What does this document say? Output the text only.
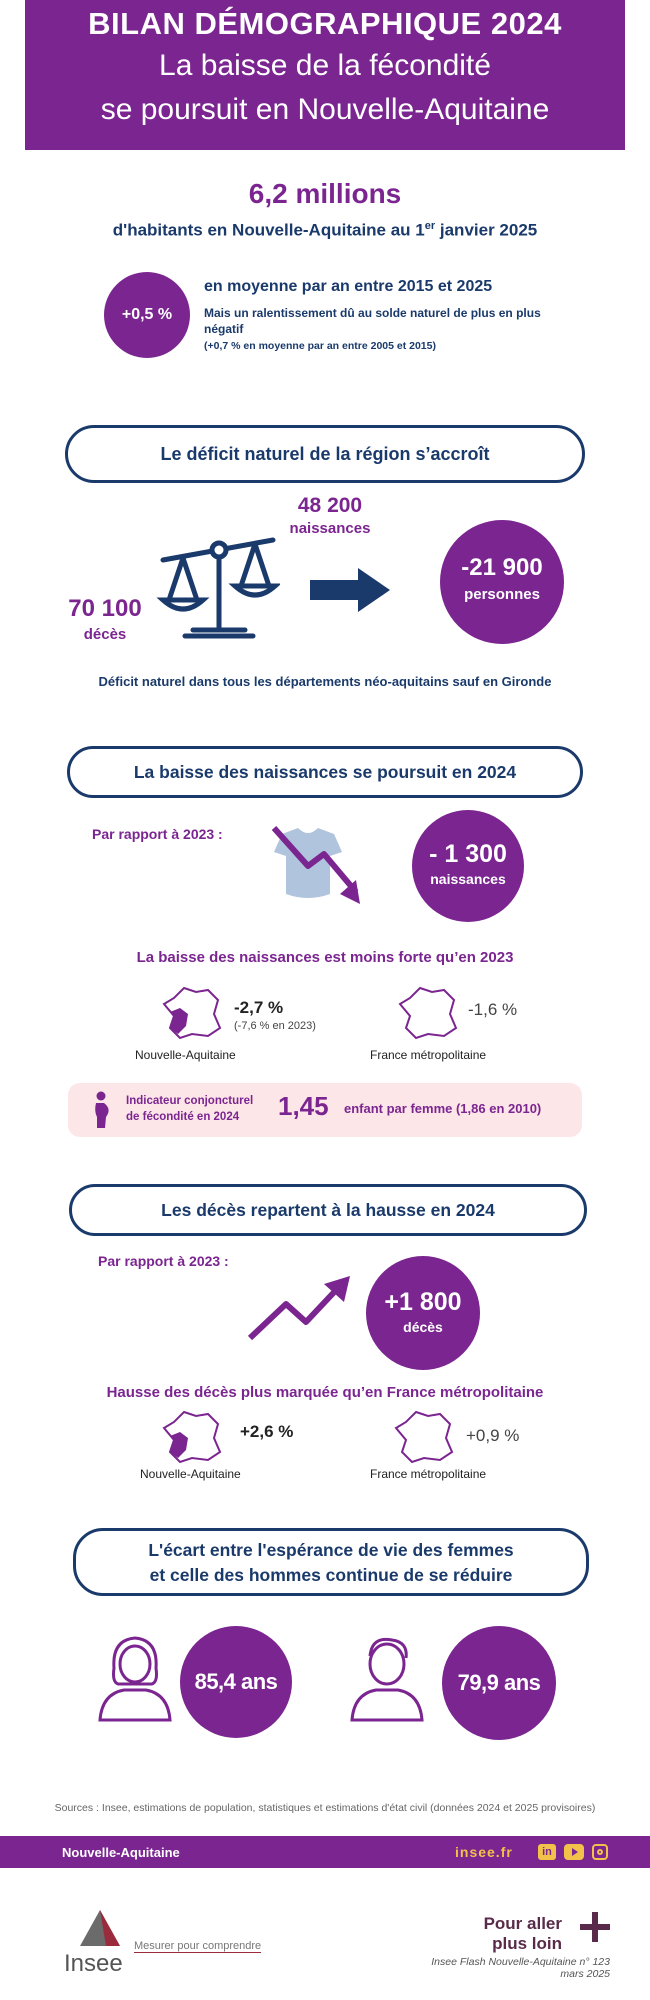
BILAN DÉMOGRAPHIQUE 2024
La baisse de la fécondité
se poursuit en Nouvelle-Aquitaine
6,2 millions
d'habitants en Nouvelle-Aquitaine au 1er janvier 2025
+0,5 %
en moyenne par an entre 2015 et 2025
Mais un ralentissement dû au solde naturel de plus en plus négatif
(+0,7 % en moyenne par an entre 2005 et 2015)
Le déficit naturel de la région s’accroît
48 200
naissances
70 100
décès
-21 900
personnes
Déficit naturel dans tous les départements néo-aquitains sauf en Gironde
La baisse des naissances se poursuit en 2024
Par rapport à 2023 :
- 1 300
naissances
La baisse des naissances est moins forte qu’en 2023
-2,7 %
(-7,6 % en 2023)
Nouvelle-Aquitaine
-1,6 %
France métropolitaine
Indicateur conjoncturel
de fécondité en 2024	1,45 enfant par femme (1,86 en 2010)
Les décès repartent à la hausse en 2024
Par rapport à 2023 :
+1 800
décès
Hausse des décès plus marquée qu’en France métropolitaine
+2,6 %
Nouvelle-Aquitaine
+0,9 %
France métropolitaine
L'écart entre l'espérance de vie des femmes
et celle des hommes continue de se réduire
85,4 ans	79,9 ans
Sources : Insee, estimations de population, statistiques et estimations d'état civil (données 2024 et 2025 provisoires)
Nouvelle-Aquitaine	insee.fr	in
Insee
Mesurer pour comprendre
Pour aller
plus loin
Insee Flash Nouvelle-Aquitaine n° 123
mars 2025
